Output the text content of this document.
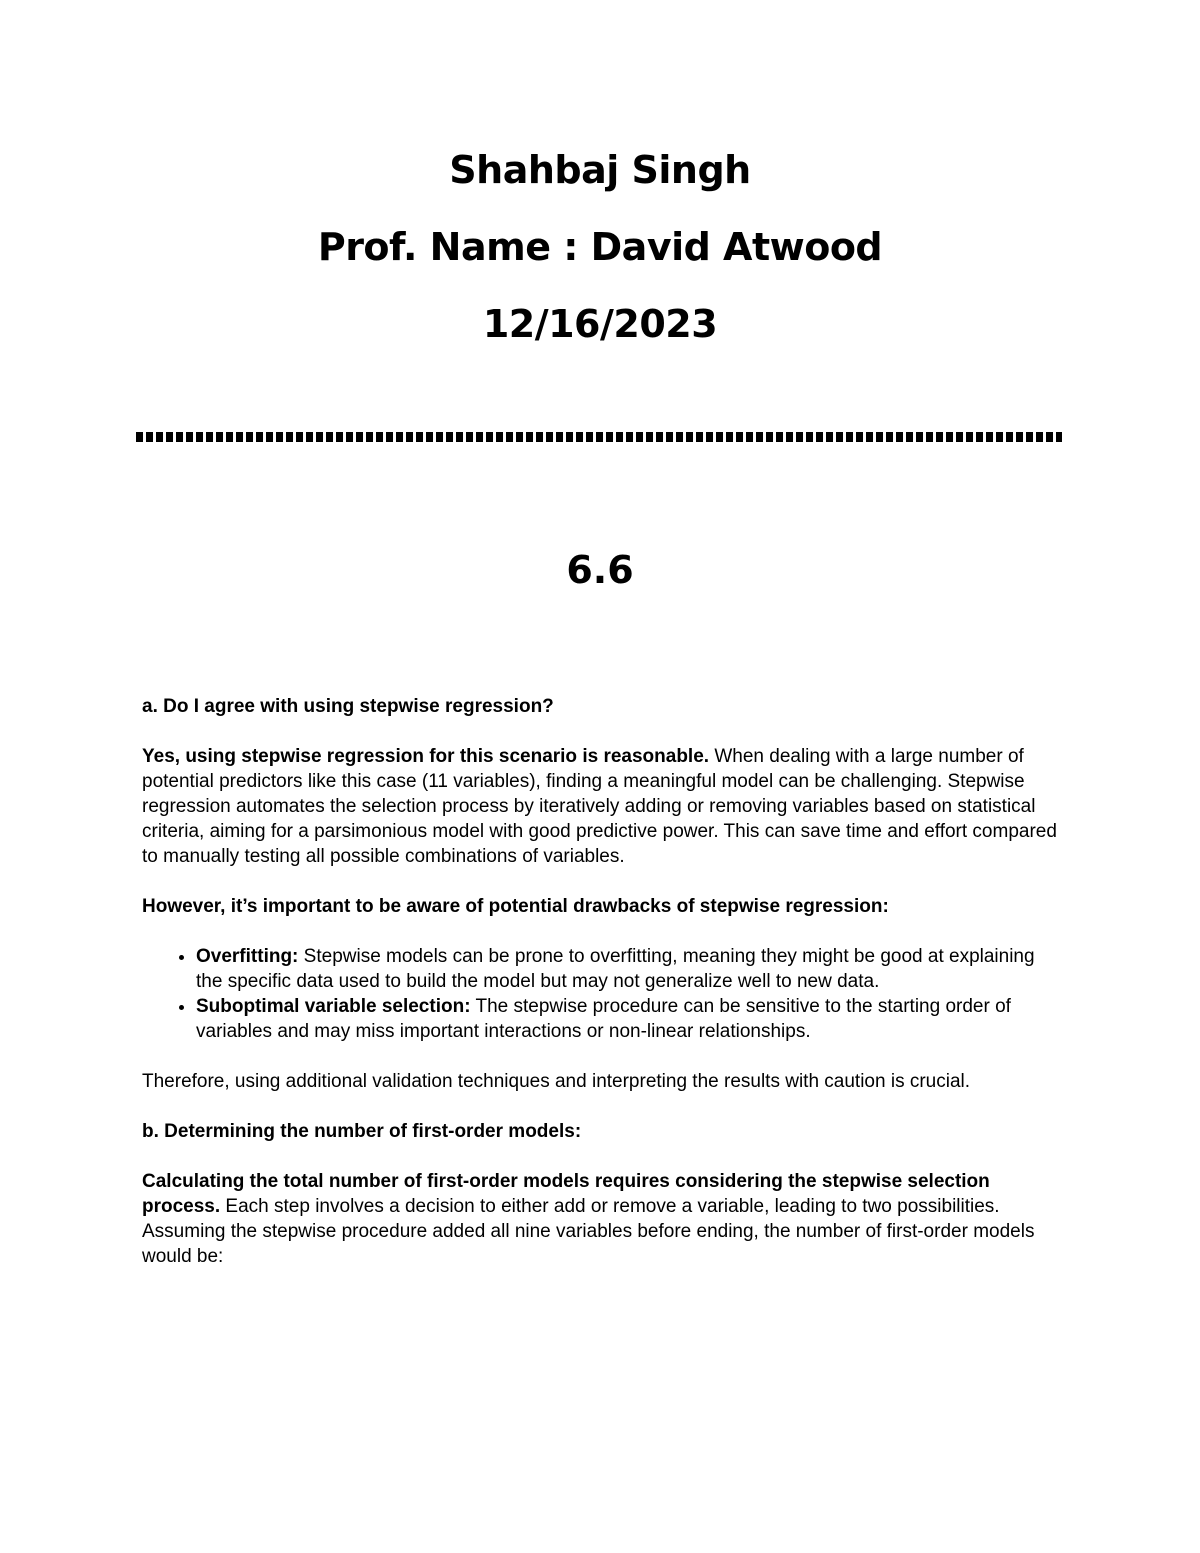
Shahbaj Singh
Prof. Name : David Atwood
12/16/2023
6.6

a. Do I agree with using stepwise regression?

Yes, using stepwise regression for this scenario is reasonable. When dealing with a large number of potential predictors like this case (11 variables), finding a meaningful model can be challenging. Stepwise regression automates the selection process by iteratively adding or removing variables based on statistical criteria, aiming for a parsimonious model with good predictive power. This can save time and effort compared to manually testing all possible combinations of variables.

However, it’s important to be aware of potential drawbacks of stepwise regression:

• Overfitting: Stepwise models can be prone to overfitting, meaning they might be good at explaining the specific data used to build the model but may not generalize well to new data.
• Suboptimal variable selection: The stepwise procedure can be sensitive to the starting order of variables and may miss important interactions or non-linear relationships.

Therefore, using additional validation techniques and interpreting the results with caution is crucial.

b. Determining the number of first-order models:

Calculating the total number of first-order models requires considering the stepwise selection process. Each step involves a decision to either add or remove a variable, leading to two possibilities. Assuming the stepwise procedure added all nine variables before ending, the number of first-order models would be:
